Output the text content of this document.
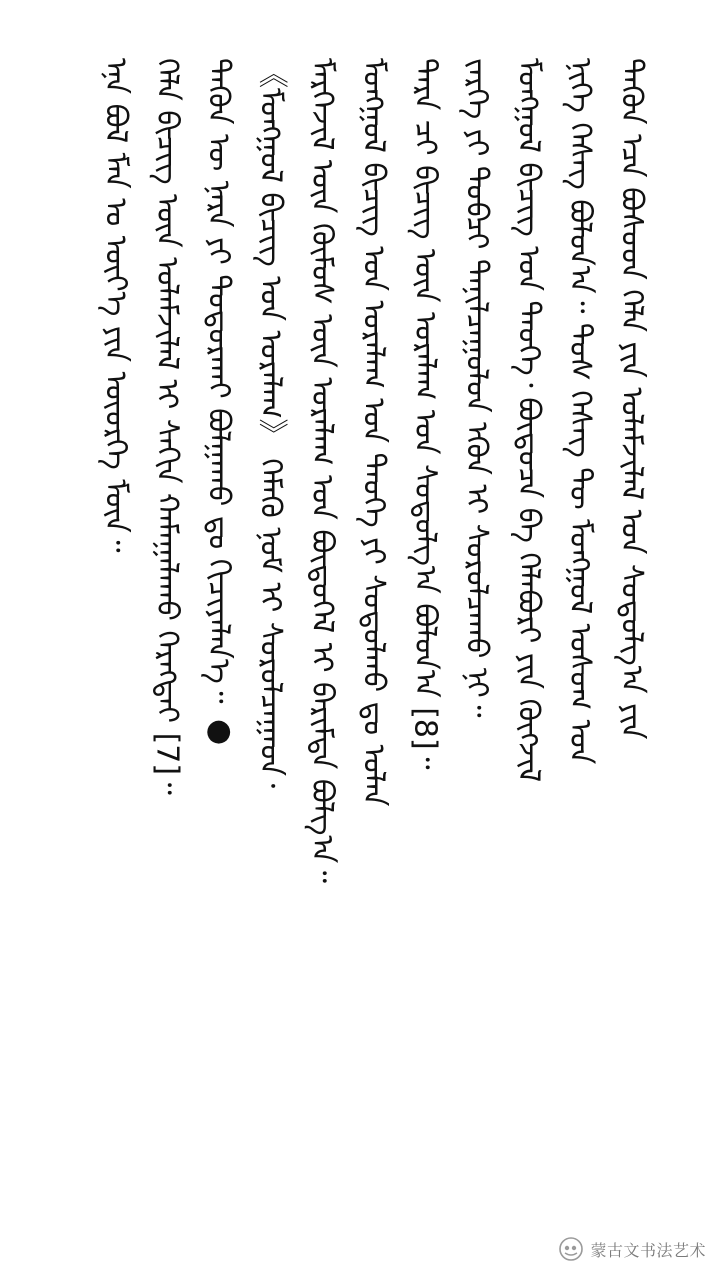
ᠲᠡᠭᠦᠨ ᠡᠴᠡ ᠪᠤᠰᠤᠳ ᠬᠡᠯᠡ ᠶᠢᠨ ᠤᠯᠠᠮᠵᠢᠯᠠᠯ ᠤᠨ ᠰᠤᠳᠤᠯᠭ᠎ᠠ ᠶᠢᠨ
ᠨᠢᠭᠡ ᠬᠡᠰᠡᠭ ᠪᠣᠯᠤᠨ᠎ᠠ᠃ ᠲᠤᠰ ᠬᠡᠰᠡᠭ ᠲᠦ ᠮᠣᠩᠭᠣᠯ ᠤᠰᠤᠭ ᠤᠨ
ᠮᠣᠩᠭᠣᠯ ᠪᠢᠴᠢᠭ ᠤᠨ ᠲᠡᠦᠬᠡ᠂ ᠪᠦᠲᠦᠴᠡ ᠪᠠ ᠬᠡᠯᠡᠪᠦᠷᠢ ᠶᠢᠨ ᠬᠥᠭᠵᠢᠯ
ᠵᠡᠷᠭᠡ ᠶᠢ ᠲᠣᠪᠴᠢ ᠲᠠᠨᠢᠯᠴᠠᠭᠤᠯᠤᠨ ᠡᠭᠦᠨ ᠢ ᠰᠤᠷᠤᠯᠴᠠᠬᠤ ᠨᠢ᠃
ᠲᠡᠷᠡ ᠴᠢ ᠪᠢᠴᠢᠭ᠌ ᠦᠨ ᠤᠷᠠᠯᠠᠭ ᠤᠨ ᠰᠤᠳᠤᠯᠭ᠎ᠠ ᠪᠣᠯᠤᠨ᠎ᠠ [8]᠃
ᠮᠣᠩᠭᠣᠯ ᠪᠢᠴᠢᠭ ᠤᠨ ᠤᠷᠠᠯᠠᠭ ᠤᠨ ᠲᠡᠦᠬᠡ ᠶᠢ ᠰᠤᠳᠤᠯᠬᠤ ᠳᠤ ᠣᠯᠠᠨ
ᠮᠡᠷᠭᠡᠵᠢᠯ ᠦᠨ ᠬᠦᠮᠦᠰ ᠦᠨ ᠤᠷᠠᠯᠠᠭ ᠤᠨ ᠪᠦᠲᠦᠭᠡᠯ ᠢ ᠪᠠᠷᠢᠮᠲᠠ ᠪᠣᠯᠭ᠎ᠠ᠃
《ᠮᠣᠩᠭᠣᠯ ᠪᠢᠴᠢᠭ ᠤᠨ ᠤᠷᠠᠯᠠᠭ》 ᠬᠡᠮᠡᠬᠦ ᠨᠣᠮ ᠢ ᠰᠤᠷᠤᠯᠴᠠᠭᠠᠳ᠂
ᠲᠡᠭᠦᠨ ᠦ ᠨᠡᠷᠡ ᠶᠢ ᠲᠣᠳᠤᠷᠬᠠᠢ ᠪᠣᠯᠭᠠᠬᠤ ᠳᠤ ᠬᠢᠴᠢᠶᠡᠯᠡᠨ᠎ᠡ᠃ ●
ᠬᠡᠯᠡ ᠪᠢᠴᠢᠭ ᠦᠨ ᠤᠯᠠᠮᠵᠢᠯᠠᠯ ᠢ ᠰᠠᠬᠢᠨ ᠬᠠᠮᠠᠭᠠᠯᠠᠬᠤ ᠬᠡᠷᠡᠭᠲᠡᠢ [7]᠃
ᠡᠨᠡ ᠪᠣᠯ ᠮᠠᠨ ᠤ ᠦᠶ᠎ᠡ ᠶᠢᠨ ᠦᠦᠷᠭᠡ ᠮᠥᠨ᠃
蒙古文书法艺术
